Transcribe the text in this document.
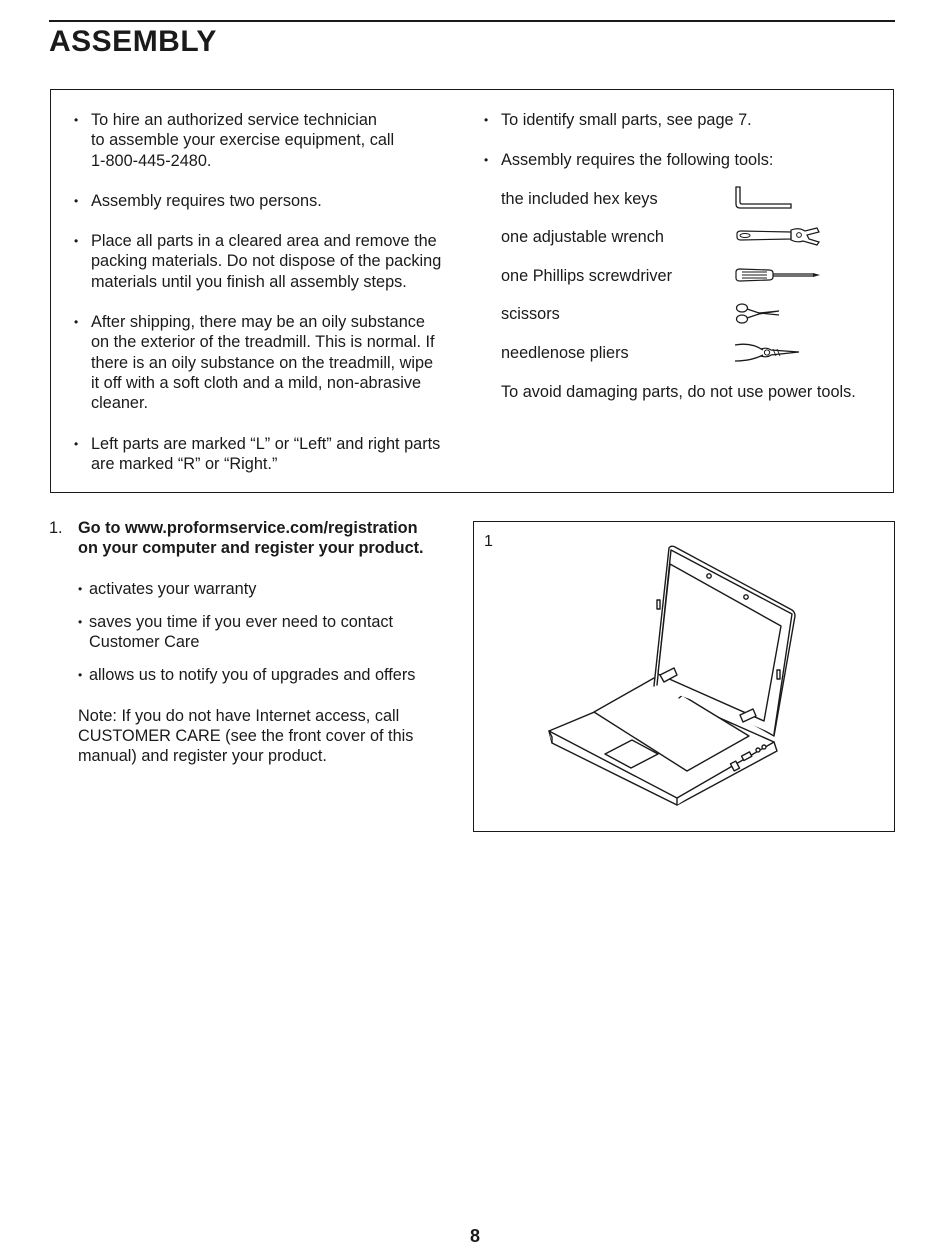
ASSEMBLY
• To hire an authorized service technician
to assemble your exercise equipment, call
1-800-445-2480.
• Assembly requires two persons.
• Place all parts in a cleared area and remove the
packing materials. Do not dispose of the packing
materials until you finish all assembly steps.
• After shipping, there may be an oily substance
on the exterior of the treadmill. This is normal. If
there is an oily substance on the treadmill, wipe
it off with a soft cloth and a mild, non-abrasive
cleaner.
• Left parts are marked “L” or “Left” and right parts
are marked “R” or “Right.”
• To identify small parts, see page 7.
• Assembly requires the following tools:
the included hex keys
one adjustable wrench
one Phillips screwdriver
scissors
needlenose pliers
To avoid damaging parts, do not use power tools.
1. Go to www.proformservice.com/registration
on your computer and register your product.
• activates your warranty
• saves you time if you ever need to contact
Customer Care
• allows us to notify you of upgrades and offers
Note: If you do not have Internet access, call
CUSTOMER CARE (see the front cover of this
manual) and register your product.
1
8
